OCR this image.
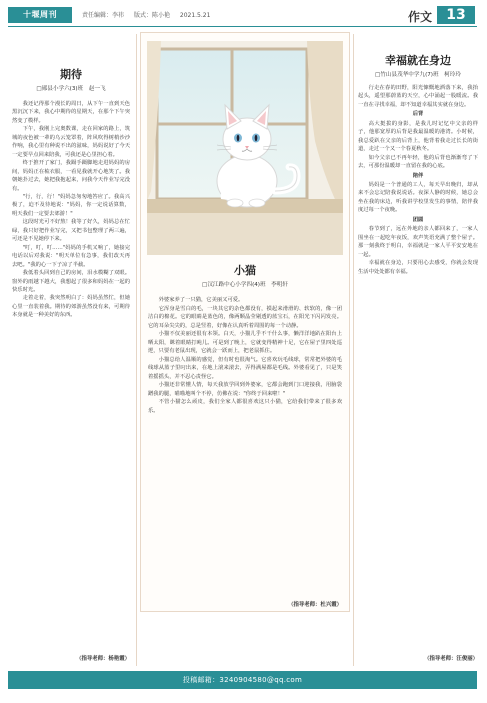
十堰周刊	责任编辑：李祎 版式：陈小艳 2021.5.21	作文	13
期待
□郧县小学六(3)班　赵一飞

我还记得那个漫长的周日，从下午一直到天色黑沉沉下来，我心中期待的星期天，在那个下午突然变了模样。

下午，我刚上完奥数课，走在回家的路上，筑城的夜色被一辈的乌云笼罩着，阵风吹得树梢沙沙作响，我心里有种说不出的滋味，妈妈说好了今天一定要早点回来陪我，可我还是心里担心着。

终于推开了家门，我蹑手蹑脚地走进妈妈的房间，妈妈正在梳衣服，一看见我就开心地笑了。我朝她扑过去，她把我抱起来，问我今天作业写完没有。

"行，行，行！"妈妈急匆匆地答应了。我高兴极了，迫不及待地说："妈妈，你一定说话算数，明天我们一定要去郊游！"

这段时光可不好熬！我等了好久，妈妈总在忙碌，我只好把作业写完，又把书包整理了两三遍，可还是不见她停下来。

"叮，叮，叮……"妈妈的手机又响了，她接完电话以后对我说："明天单位有急事，我们改天再去吧。"我的心一下子凉了半截。

我低着头回到自己的房间，泪水模糊了双眼。窗外的雨越下越大，我想起了很多和妈妈在一起的快乐时光。

走着走着，我突然明白了：妈妈虽然忙，但她心里一直装着我。期待的郊游虽然没有来，可期待本身就是一种美好的东西。

（指导老师：杨艳霞）
小猫
□汉江路中心小学四(4)班　李明轩

外婆家养了一只猫，它美丽又可爱。

它浑身是雪白的毛，一块其它的杂色都没有，摸起来滑滑的、软软的，像一团洁白的棉花。它的眼睛是蓝色的，像两颗晶莹剔透的蓝宝石，在阳光下闪闪发亮。它的耳朵尖尖的，总是竖着，好像在认真听着周围的每一个动静。

小猫不仅美丽还很有本领。白天，小猫儿乎不干什么事，懒洋洋地趴在阳台上晒太阳，眯着眼睛打盹儿。可是到了晚上，它就变得精神十足，它在屋子里四处巡逻，只要有老鼠出现，它就会一跃而上，把老鼠抓住。

小猫总给人温顺的感觉，但有时也很淘气。它喜欢玩毛线球，常常把外婆的毛线球从篮子里叼出来，在地上滚来滚去，弄得满屋都是毛线。外婆看见了，只是笑着摇摇头，并不忍心责怪它。

小猫还非常懂人情，每天我放学回到外婆家，它都会跑到门口迎接我，用脑袋蹭我的腿，喵喵地叫个不停，仿佛在说："你终于回来啦！"

不管小猫怎么顽皮，我们全家人都很喜欢这只小猫，它给我们带来了很多欢乐。

（指导老师：杜兴霞）
幸福就在身边
□竹山县茂华中学九(7)班　柯玲玲

行走在春的田野，阳光慷慨地洒落下来，我抬起头，遥望那蔚蓝的天空，心中涌起一股暖流。我一直在寻找幸福，却不知道幸福其实就在身边。

后背

高大挺拔的身影，是我儿时记忆中父亲的样子，他那宽厚的后背是我最温暖的港湾。小时候，我总爱趴在父亲的后背上，他背着我走过长长的街道，走过一个又一个春夏秋冬。

如今父亲已不再年轻，他的后背也渐渐弯了下去，可那份温暖却一直留在我的心底。

陪伴

妈妈是一个普通的工人，每天早出晚归，却从来不会忘记陪我说说话。夜深人静的时候，她总会坐在我的床边，听我讲学校里发生的事情，陪伴我度过每一个夜晚。

团圆

春节到了，远在外地的亲人都回来了，一家人围坐在一起吃年夜饭，欢声笑语充满了整个屋子。那一刻我终于明白，幸福就是一家人平平安安地在一起。

幸福就在身边，只要用心去感受，你就会发现生活中处处都有幸福。

（指导老师：汪俊丽）
投稿邮箱：3240904580@qq.com
